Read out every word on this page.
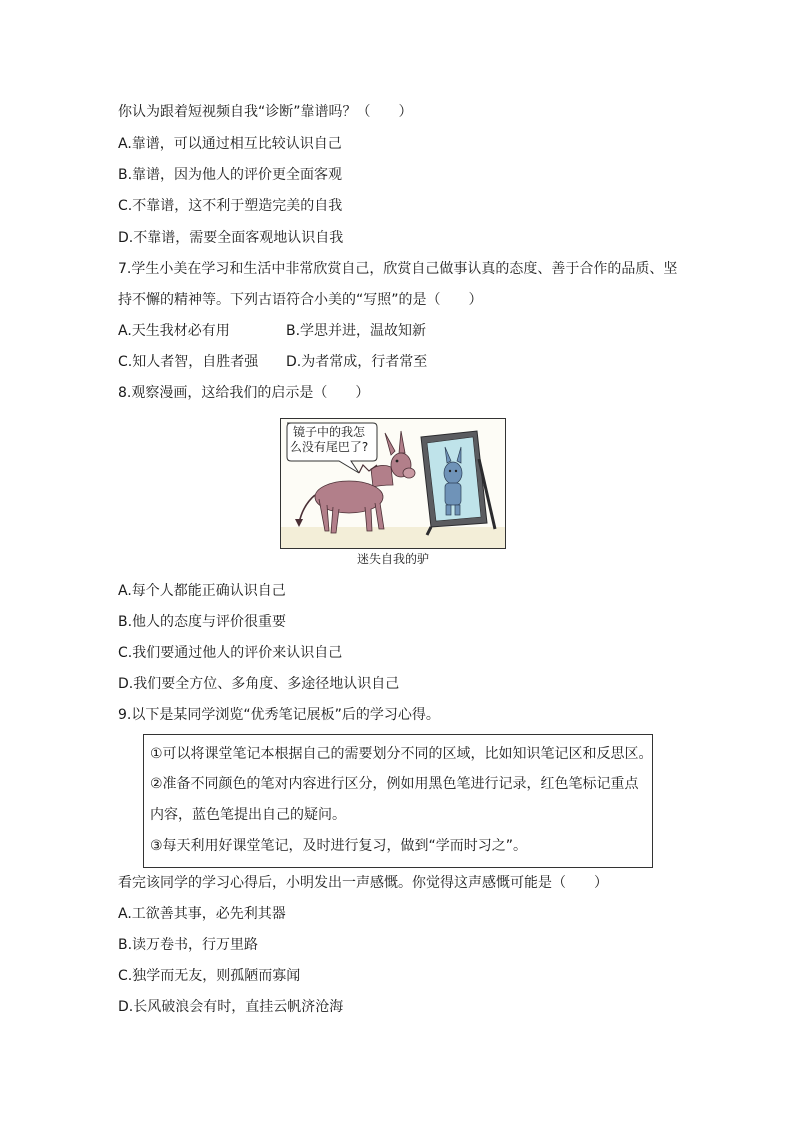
你认为跟着短视频自我“诊断”靠谱吗？（　　）
A.靠谱，可以通过相互比较认识自己
B.靠谱，因为他人的评价更全面客观
C.不靠谱，这不利于塑造完美的自我
D.不靠谱，需要全面客观地认识自我
7.学生小美在学习和生活中非常欣赏自己，欣赏自己做事认真的态度、善于合作的品质、坚
持不懈的精神等。下列古语符合小美的“写照”的是（　　）
A.天生我材必有用	B.学思并进，温故知新
C.知人者智，自胜者强 D.为者常成，行者常至
8.观察漫画，这给我们的启示是（　　）
镜子中的我怎
么没有尾巴了?
迷失自我的驴
A.每个人都能正确认识自己
B.他人的态度与评价很重要
C.我们要通过他人的评价来认识自己
D.我们要全方位、多角度、多途径地认识自己
9.以下是某同学浏览“优秀笔记展板”后的学习心得。
①可以将课堂笔记本根据自己的需要划分不同的区域，比如知识笔记区和反思区。
②准备不同颜色的笔对内容进行区分，例如用黑色笔进行记录，红色笔标记重点
内容，蓝色笔提出自己的疑问。
③每天利用好课堂笔记，及时进行复习，做到“学而时习之”。
看完该同学的学习心得后，小明发出一声感慨。你觉得这声感慨可能是（　　）
A.工欲善其事，必先利其器
B.读万卷书，行万里路
C.独学而无友，则孤陋而寡闻
D.长风破浪会有时，直挂云帆济沧海
